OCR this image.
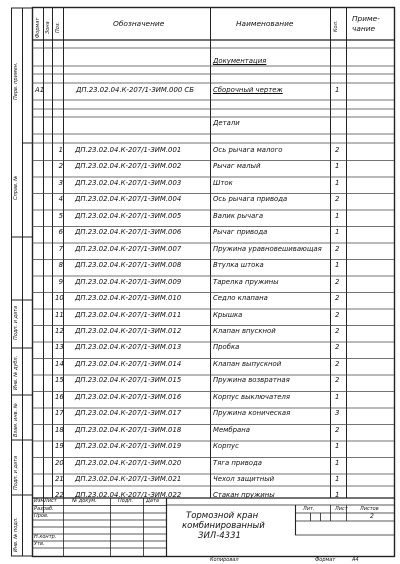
Перв. примен.
Справ. №
Подп. и дата
Инв. № дубл.
Взам. инв. №
Подп. и дата
Инв. № подл.
Формат Зона Поз.	Обозначение	Наименование	Кол.
Приме-
чание
Документация
A1	ДП.23.02.04.К-207/1-ЗИМ.000 СБ	Сборочный чертеж	1
Детали
1 ДП.23.02.04.К-207/1-ЗИМ.001	Ось рычага малого	2
2 ДП.23.02.04.К-207/1-ЗИМ.002	Рычаг малый	1
3 ДП.23.02.04.К-207/1-ЗИМ.003	Шток	1
4 ДП.23.02.04.К-207/1-ЗИМ.004	Ось рычага привода	2
5 ДП.23.02.04.К-207/1-ЗИМ.005	Валик рычага	1
6 ДП.23.02.04.К-207/1-ЗИМ.006	Рычаг привода	1
7 ДП.23.02.04.К-207/1-ЗИМ.007	Пружина уравновешивающая 2
8 ДП.23.02.04.К-207/1-ЗИМ.008	Втулка штока	1
9 ДП.23.02.04.К-207/1-ЗИМ.009	Тарелка пружины	2
10 ДП.23.02.04.К-207/1-ЗИМ.010	Седло клапана	2
11 ДП.23.02.04.К-207/1-ЗИМ.011	Крышка	2
12 ДП.23.02.04.К-207/1-ЗИМ.012	Клапан впускной	2
13 ДП.23.02.04.К-207/1-ЗИМ.013	Пробка	2
14 ДП.23.02.04.К-207/1-ЗИМ.014	Клапан выпускной	2
15 ДП.23.02.04.К-207/1-ЗИМ.015	Пружина возвратная	2
16 ДП.23.02.04.К-207/1-ЗИМ.016	Корпус выключателя	1
17 ДП.23.02.04.К-207/1-ЗИМ.017	Пружина коническая	3
18 ДП.23.02.04.К-207/1-ЗИМ.018	Мембрана	2
19 ДП.23.02.04.К-207/1-ЗИМ.019	Корпус	1
20 ДП.23.02.04.К-207/1-ЗИМ.020	Тяга привода	1
21 ДП.23.02.04.К-207/1-ЗИМ.021	Чехол защитный	1
22 ДП.23.02.04.К-207/1-ЗИМ.022	Стакан пружины	1
Изм.
Лист	№ докум.	Подп.	Дата
Разраб.
Пров.
Н.контр.
Утв.
Тормозной кран
комбинированный
ЗИЛ-4331
Лит.	Лист Листов
2
Копировал	Формат	A4
